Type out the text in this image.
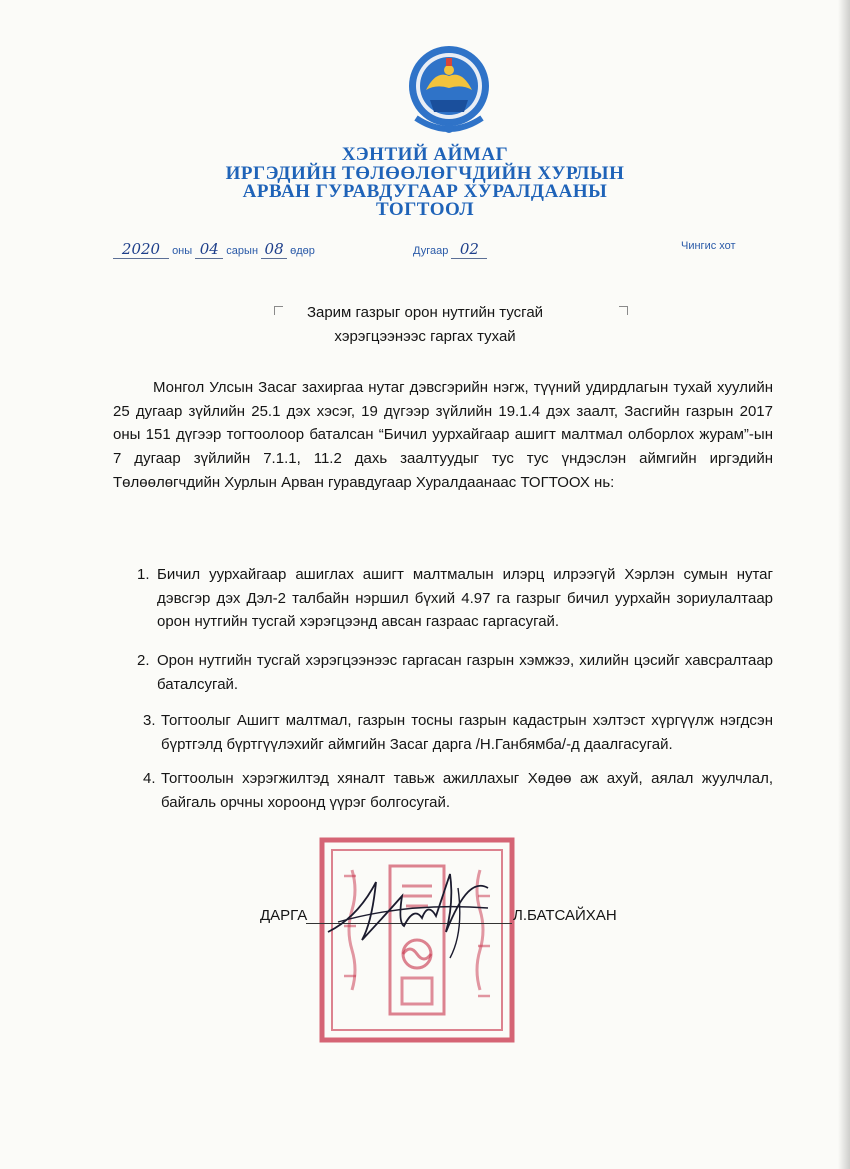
ХЭНТИЙ АЙМАГ
ИРГЭДИЙН ТӨЛӨӨЛӨГЧДИЙН ХУРЛЫН
АРВАН ГУРАВДУГААР ХУРАЛДААНЫ
ТОГТООЛ
2020 оны 04 сарын 08 өдөр	Дугаар 02	Чингис хот
Зарим газрыг орон нутгийн тусгай
хэрэгцээнээс гаргах тухай
Монгол Улсын Засаг захиргаа нутаг дэвсгэрийн нэгж, түүний удирдлагын тухай хуулийн 25 дугаар зүйлийн 25.1 дэх хэсэг, 19 дүгээр зүйлийн 19.1.4 дэх заалт, Засгийн газрын 2017 оны 151 дүгээр тогтоолоор баталсан “Бичил уурхайгаар ашигт малтмал олборлох журам”-ын 7 дугаар зүйлийн 7.1.1, 11.2 дахь заалтуудыг тус тус үндэслэн аймгийн иргэдийн Төлөөлөгчдийн Хурлын Арван гуравдугаар Хуралдаанаас ТОГТООХ нь:
1. Бичил уурхайгаар ашиглах ашигт малтмалын илэрц илрээгүй Хэрлэн сумын нутаг дэвсгэр дэх Дэл-2 талбайн нэршил бүхий 4.97 га газрыг бичил уурхайн зориулалтаар орон нутгийн тусгай хэрэгцээнд авсан газраас гаргасугай.
2. Орон нутгийн тусгай хэрэгцээнээс гаргасан газрын хэмжээ, хилийн цэсийг хавсралтаар баталсугай.
3. Тогтоолыг Ашигт малтмал, газрын тосны газрын кадастрын хэлтэст хүргүүлж нэгдсэн бүртгэлд бүртгүүлэхийг аймгийн Засаг дарга /Н.Ганбямба/-д даалгасугай.
4. Тогтоолын хэрэгжилтэд хяналт тавьж ажиллахыг Хөдөө аж ахуй, аялал жуулчлал, байгаль орчны хороонд үүрэг болгосугай.
ДАРГА	Л.БАТСАЙХАН
